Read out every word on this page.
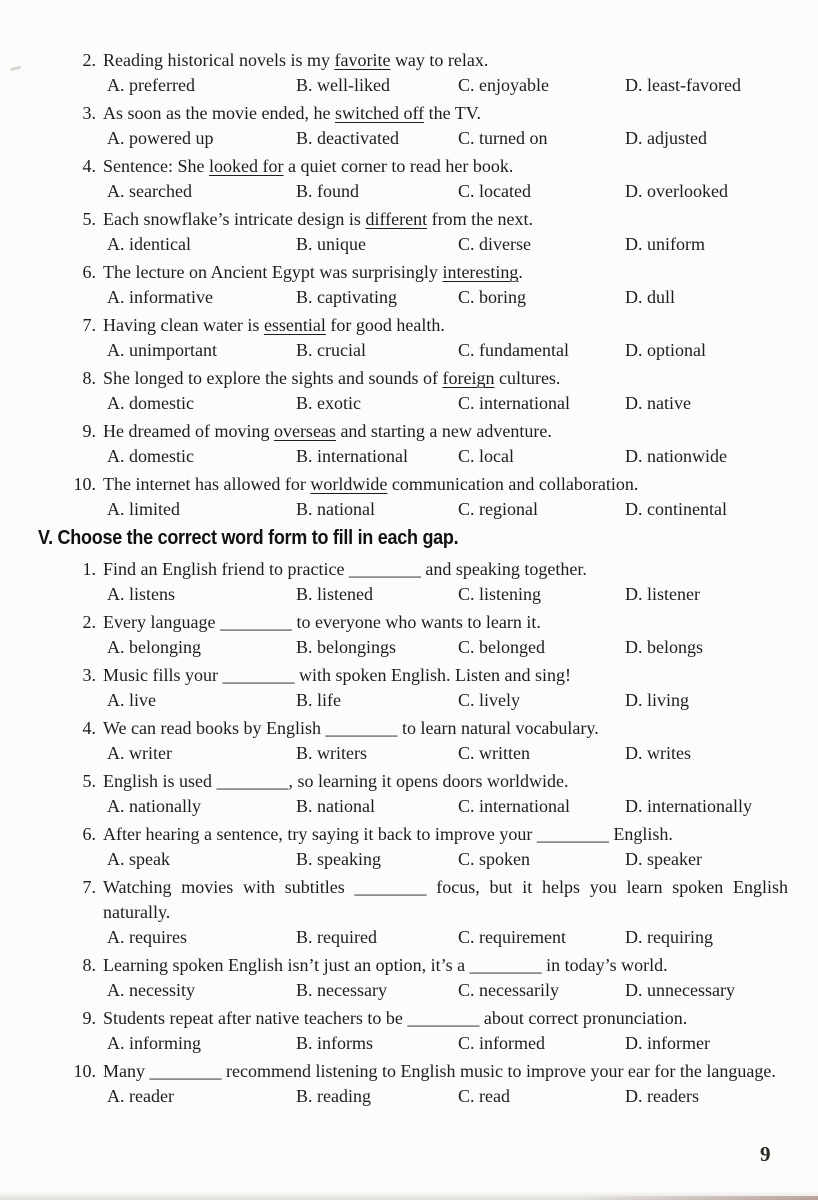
2. Reading historical novels is my favorite way to relax.
A. preferred	B. well-liked	C. enjoyable	D. least-favored
3. As soon as the movie ended, he switched off the TV.
A. powered up	B. deactivated	C. turned on	D. adjusted
4. Sentence: She looked for a quiet corner to read her book.
A. searched	B. found	C. located	D. overlooked
5. Each snowflake’s intricate design is different from the next.
A. identical	B. unique	C. diverse	D. uniform
6. The lecture on Ancient Egypt was surprisingly interesting.
A. informative	B. captivating	C. boring	D. dull
7. Having clean water is essential for good health.
A. unimportant	B. crucial	C. fundamental	D. optional
8. She longed to explore the sights and sounds of foreign cultures.
A. domestic	B. exotic	C. international	D. native
9. He dreamed of moving overseas and starting a new adventure.
A. domestic	B. international	C. local	D. nationwide
10. The internet has allowed for worldwide communication and collaboration.
A. limited	B. national	C. regional	D. continental
V. Choose the correct word form to fill in each gap.
1. Find an English friend to practice ________ and speaking together.
A. listens	B. listened	C. listening	D. listener
2. Every language ________ to everyone who wants to learn it.
A. belonging	B. belongings	C. belonged	D. belongs
3. Music fills your ________ with spoken English. Listen and sing!
A. live	B. life	C. lively	D. living
4. We can read books by English ________ to learn natural vocabulary.
A. writer	B. writers	C. written	D. writes
5. English is used ________, so learning it opens doors worldwide.
A. nationally	B. national	C. international	D. internationally
6. After hearing a sentence, try saying it back to improve your ________ English.
A. speak	B. speaking	C. spoken	D. speaker
7. Watching movies with subtitles ________ focus, but it helps you learn spoken English naturally.
A. requires	B. required	C. requirement	D. requiring
8. Learning spoken English isn’t just an option, it’s a ________ in today’s world.
A. necessity	B. necessary	C. necessarily	D. unnecessary
9. Students repeat after native teachers to be ________ about correct pronunciation.
A. informing	B. informs	C. informed	D. informer
10. Many ________ recommend listening to English music to improve your ear for the language.
A. reader	B. reading	C. read	D. readers
9
